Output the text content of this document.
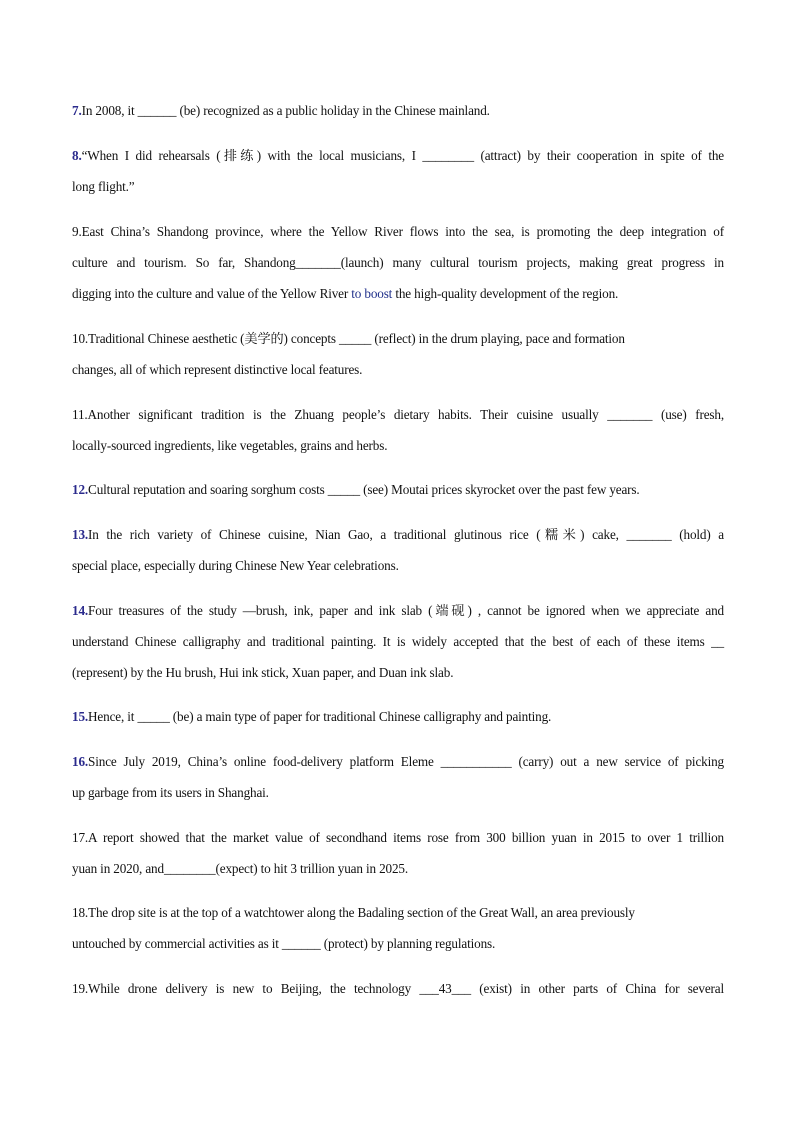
7.In 2008, it ______ (be) recognized as a public holiday in the Chinese mainland.
8.“When I did rehearsals (排练) with the local musicians, I ________ (attract) by their cooperation in spite of the
long flight.”
9.East China’s Shandong province, where the Yellow River flows into the sea, is promoting the deep integration of
culture and tourism. So far, Shandong_______(launch) many cultural tourism projects, making great progress in
digging into the culture and value of the Yellow River to boost the high-quality development of the region.
10.Traditional Chinese aesthetic (美学的) concepts _____ (reflect) in the drum playing, pace and formation
changes, all of which represent distinctive local features.
11.Another significant tradition is the Zhuang people’s dietary habits. Their cuisine usually _______ (use) fresh,
locally-sourced ingredients, like vegetables, grains and herbs.
12.Cultural reputation and soaring sorghum costs _____ (see) Moutai prices skyrocket over the past few years.
13.In the rich variety of Chinese cuisine, Nian Gao, a traditional glutinous rice (糯米) cake, _______ (hold) a
special place, especially during Chinese New Year celebrations.
14.Four treasures of the study —brush, ink, paper and ink slab (端砚) , cannot be ignored when we appreciate and
understand Chinese calligraphy and traditional painting. It is widely accepted that the best of each of these items __
(represent) by the Hu brush, Hui ink stick, Xuan paper, and Duan ink slab.
15.Hence, it _____ (be) a main type of paper for traditional Chinese calligraphy and painting.
16.Since July 2019, China’s online food-delivery platform Eleme ___________ (carry) out a new service of picking
up garbage from its users in Shanghai.
17.A report showed that the market value of secondhand items rose from 300 billion yuan in 2015 to over 1 trillion
yuan in 2020, and________(expect) to hit 3 trillion yuan in 2025.
18.The drop site is at the top of a watchtower along the Badaling section of the Great Wall, an area previously
untouched by commercial activities as it ______ (protect) by planning regulations.
19.While drone delivery is new to Beijing, the technology ___43___ (exist) in other parts of China for several
